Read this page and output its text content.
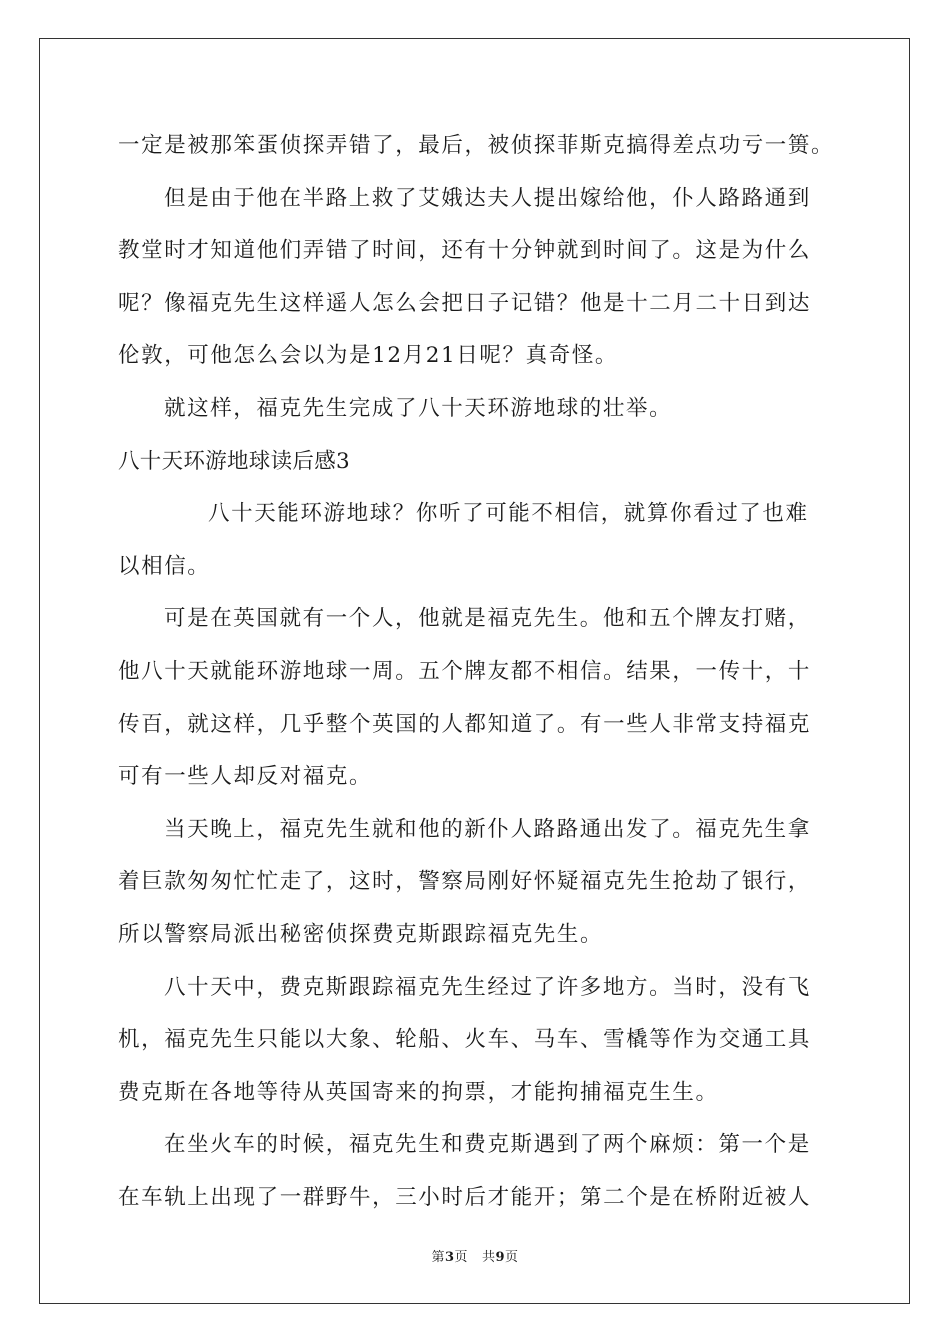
一定是被那笨蛋侦探弄错了，最后，被侦探菲斯克搞得差点功亏一篑。
但是由于他在半路上救了艾娥达夫人提出嫁给他，仆人路路通到
教堂时才知道他们弄错了时间，还有十分钟就到时间了。这是为什么
呢？像福克先生这样遥人怎么会把日子记错？他是十二月二十日到达
伦敦，可他怎么会以为是12月21日呢？真奇怪。
就这样，福克先生完成了八十天环游地球的壮举。
八十天环游地球读后感3
八十天能环游地球？你听了可能不相信，就算你看过了也难
以相信。
可是在英国就有一个人，他就是福克先生。他和五个牌友打赌，
他八十天就能环游地球一周。五个牌友都不相信。结果，一传十，十
传百，就这样，几乎整个英国的人都知道了。有一些人非常支持福克
可有一些人却反对福克。
当天晚上，福克先生就和他的新仆人路路通出发了。福克先生拿
着巨款匆匆忙忙走了，这时，警察局刚好怀疑福克先生抢劫了银行，
所以警察局派出秘密侦探费克斯跟踪福克先生。
八十天中，费克斯跟踪福克先生经过了许多地方。当时，没有飞
机，福克先生只能以大象、轮船、火车、马车、雪橇等作为交通工具
费克斯在各地等待从英国寄来的拘票，才能拘捕福克生生。
在坐火车的时候，福克先生和费克斯遇到了两个麻烦：第一个是
在车轨上出现了一群野牛，三小时后才能开；第二个是在桥附近被人
第3页 共9页
